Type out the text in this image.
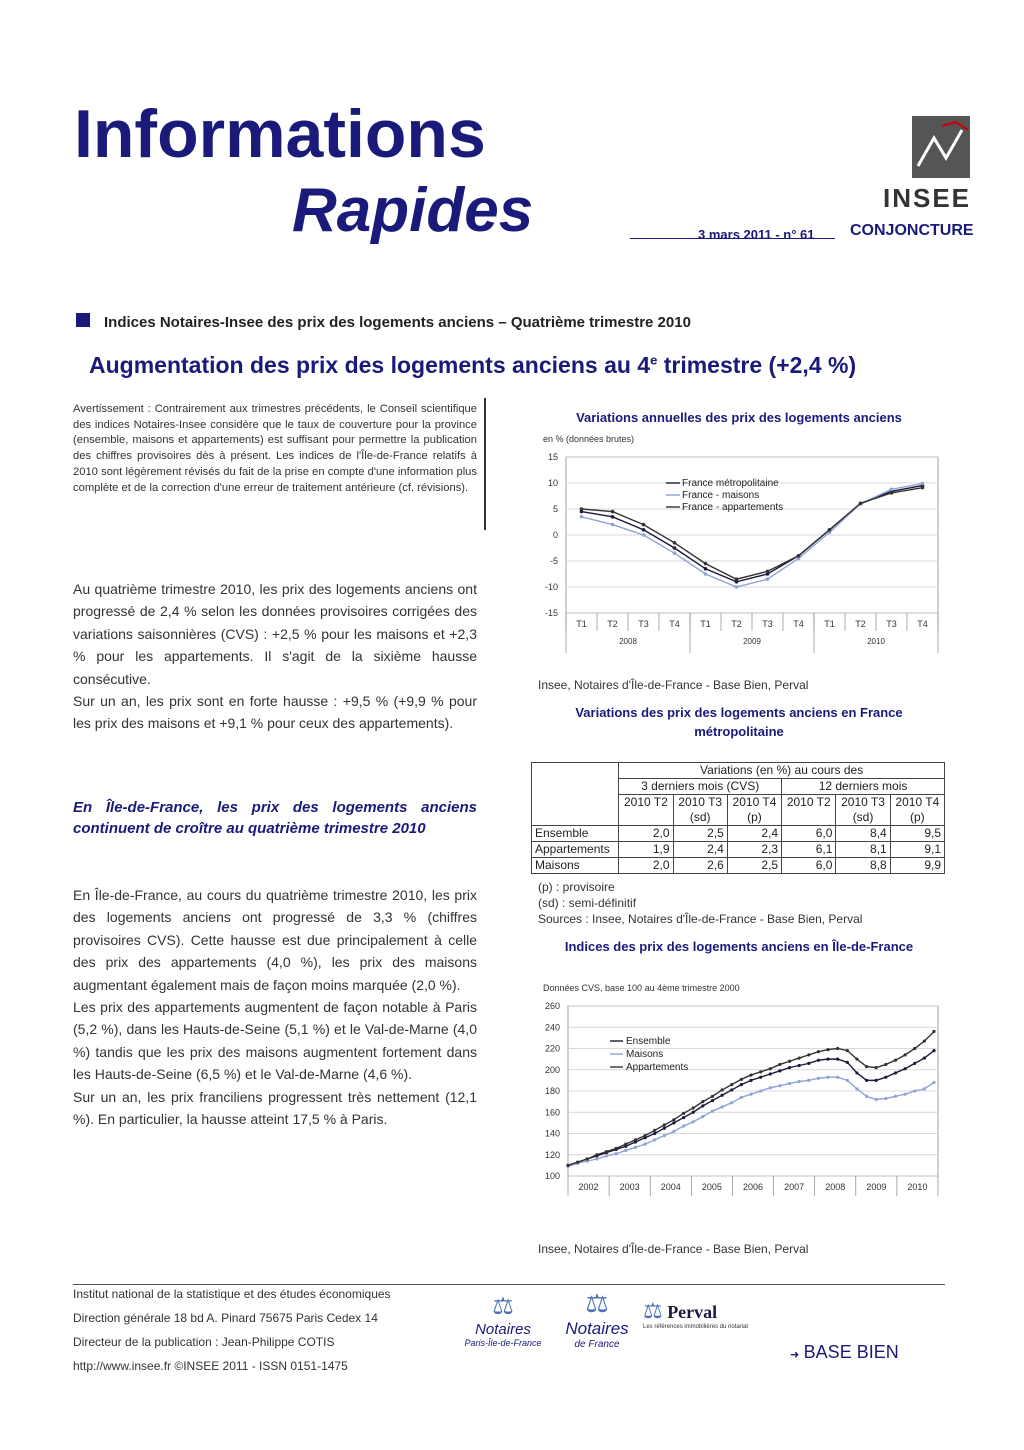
Informations
Rapides	3 mars 2011 - n° 61
INSEE
CONJONCTURE
Indices Notaires-Insee des prix des logements anciens – Quatrième trimestre 2010
Augmentation des prix des logements anciens au 4e trimestre (+2,4 %)
Avertissement : Contrairement aux trimestres précédents, le Conseil scientifique des indices Notaires-Insee considère que le taux de couverture pour la province (ensemble, maisons et appartements) est suffisant pour permettre la publication des chiffres provisoires dès à présent. Les indices de l'Île-de-France relatifs à 2010 sont légèrement révisés du fait de la prise en compte d'une information plus complète et de la correction d'une erreur de traitement antérieure (cf. révisions).

Au quatrième trimestre 2010, les prix des logements anciens ont progressé de 2,4 % selon les données provisoires corrigées des variations saisonnières (CVS) : +2,5 % pour les maisons et +2,3 % pour les appartements. Il s'agit de la sixième hausse consécutive.

Sur un an, les prix sont en forte hausse : +9,5 % (+9,9 % pour les prix des maisons et +9,1 % pour ceux des appartements).

En Île-de-France, les prix des logements anciens continuent de croître au quatrième trimestre 2010

En Île-de-France, au cours du quatrième trimestre 2010, les prix des logements anciens ont progressé de 3,3 % (chiffres provisoires CVS). Cette hausse est due principalement à celle des prix des appartements (4,0 %), les prix des maisons augmentant également mais de façon moins marquée (2,0 %).

Les prix des appartements augmentent de façon notable à Paris (5,2 %), dans les Hauts-de-Seine (5,1 %) et le Val-de-Marne (4,0 %) tandis que les prix des maisons augmentent fortement dans les Hauts-de-Seine (6,5 %) et le Val-de-Marne (4,6 %).

Sur un an, les prix franciliens progressent très nettement (12,1 %). En particulier, la hausse atteint 17,5 % à Paris.

Variations annuelles des prix des logements anciens
en % (données brutes)
15
10
5
0
-5
-10
-15
T1 T2 T3 T4 T1 T2 T3 T4 T1 T2 T3 T4
2008	2009	2010
France métropolitaine
France - maisons
France - appartements
Insee, Notaires d'Île-de-France - Base Bien, Perval
Variations des prix des logements anciens en France métropolitaine
	Variations (en %) au cours des					
	3 derniers mois (CVS)			12 derniers mois		
	2010 T2	2010 T3	2010 T4	2010 T2	2010 T3	2010 T4
		(sd)	(p)		(sd)	(p)
Ensemble	2,0	2,5	2,4	6,0	8,4	9,5
Appartements	1,9	2,4	2,3	6,1	8,1	9,1
Maisons	2,0	2,6	2,5	6,0	8,8	9,9
(p) : provisoire
(sd) : semi-définitif
Sources : Insee, Notaires d'Île-de-France - Base Bien, Perval
Indices des prix des logements anciens en Île-de-France
Données CVS, base 100 au 4ème trimestre 2000
260
240
220
200
180
160
140
120
100
2002 2003 2004 2005 2006 2007 2008 2009 2010
Ensemble
Maisons
Appartements
Insee, Notaires d'Île-de-France - Base Bien, Perval
Institut national de la statistique et des études économiques
Direction générale 18 bd A. Pinard 75675 Paris Cedex 14
Directeur de la publication : Jean-Philippe COTIS
http://www.insee.fr ©INSEE 2011 - ISSN 0151-1475
⚖
Notaires
Paris-Île-de-France
⚖
Notaires
de France
⚖ Perval
Les références immobilières du notariat
➜ BASE BIEN
